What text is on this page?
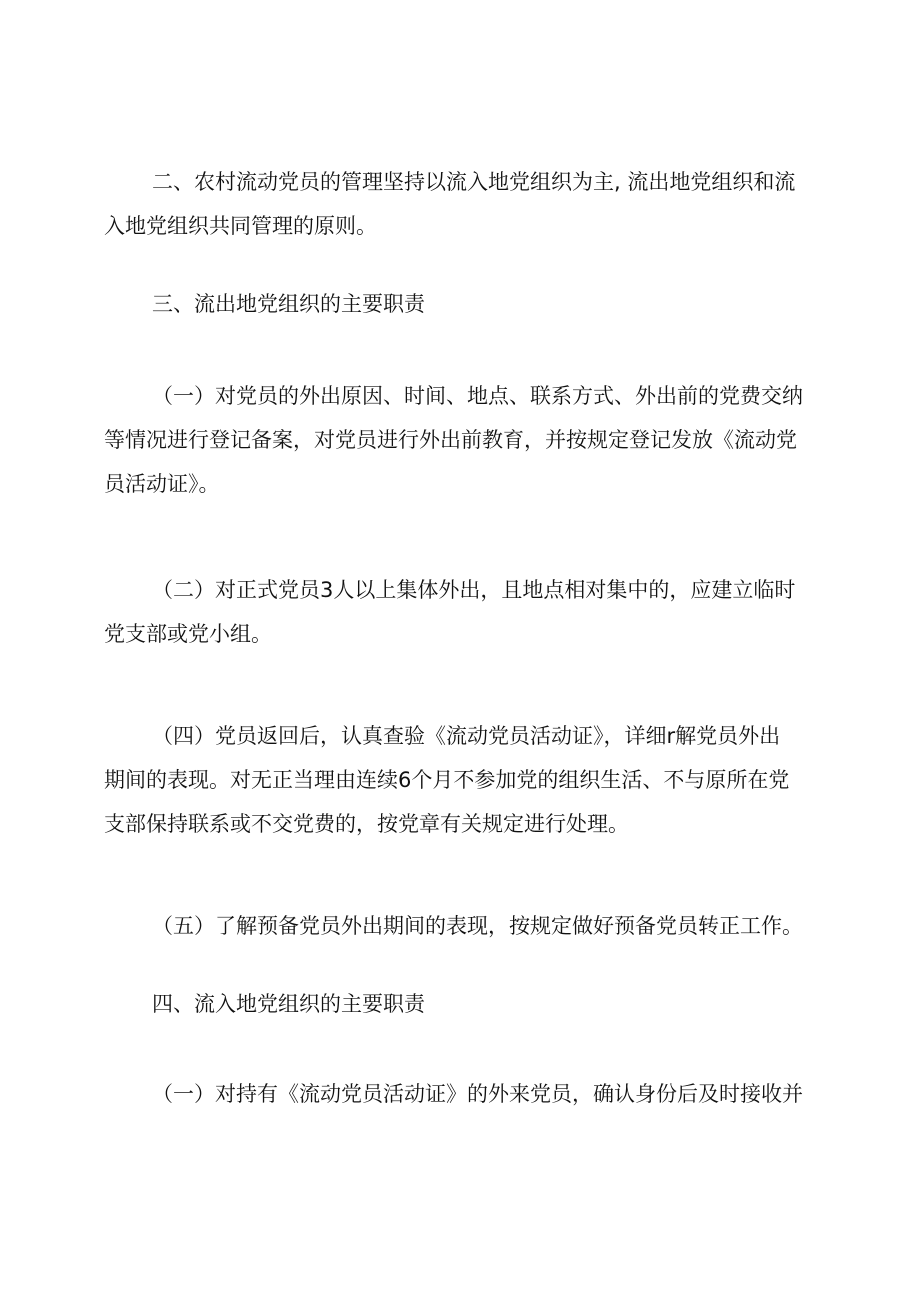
二、农村流动党员的管理坚持以流入地党组织为主, 流出地党组织和流
入地党组织共同管理的原则。
三、流出地党组织的主要职责
（一）对党员的外出原因、时间、地点、联系方式、外出前的党费交纳
等情况进行登记备案，对党员进行外出前教育，并按规定登记发放《流动党
员活动证》。
（二）对正式党员3人以上集体外出，且地点相对集中的，应建立临时
党支部或党小组。
（四）党员返回后，认真查验《流动党员活动证》，详细r解党员外出
期间的表现。对无正当理由连续6个月不参加党的组织生活、不与原所在党
支部保持联系或不交党费的，按党章有关规定进行处理。
（五）了解预备党员外出期间的表现，按规定做好预备党员转正工作。
四、流入地党组织的主要职责
（一）对持有《流动党员活动证》的外来党员，确认身份后及时接收并
